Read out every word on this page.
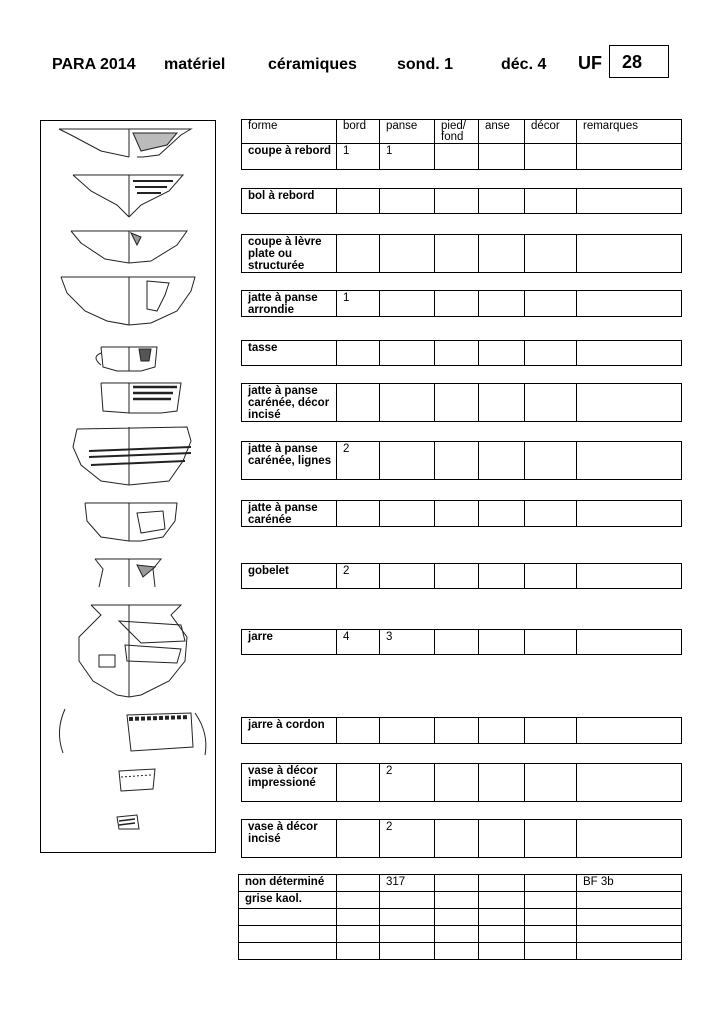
PARA 2014 matériel	céramiques	sond. 1	déc. 4 UF	28
forme	bord	panse	pied/ fond	anse	décor	remarques
coupe à rebord	1	1				
bol à rebord						
coupe à lèvre plate ou structurée						
jatte à panse arrondie	1					
tasse						
jatte à panse carénée, décor incisé						
jatte à panse carénée, lignes	2					
jatte à panse carénée						
gobelet	2					
jarre	4	3				
jarre à cordon						
vase à décor impressioné		2				
vase à décor incisé		2				
non déterminé		317				BF 3b
grise kaol.						
